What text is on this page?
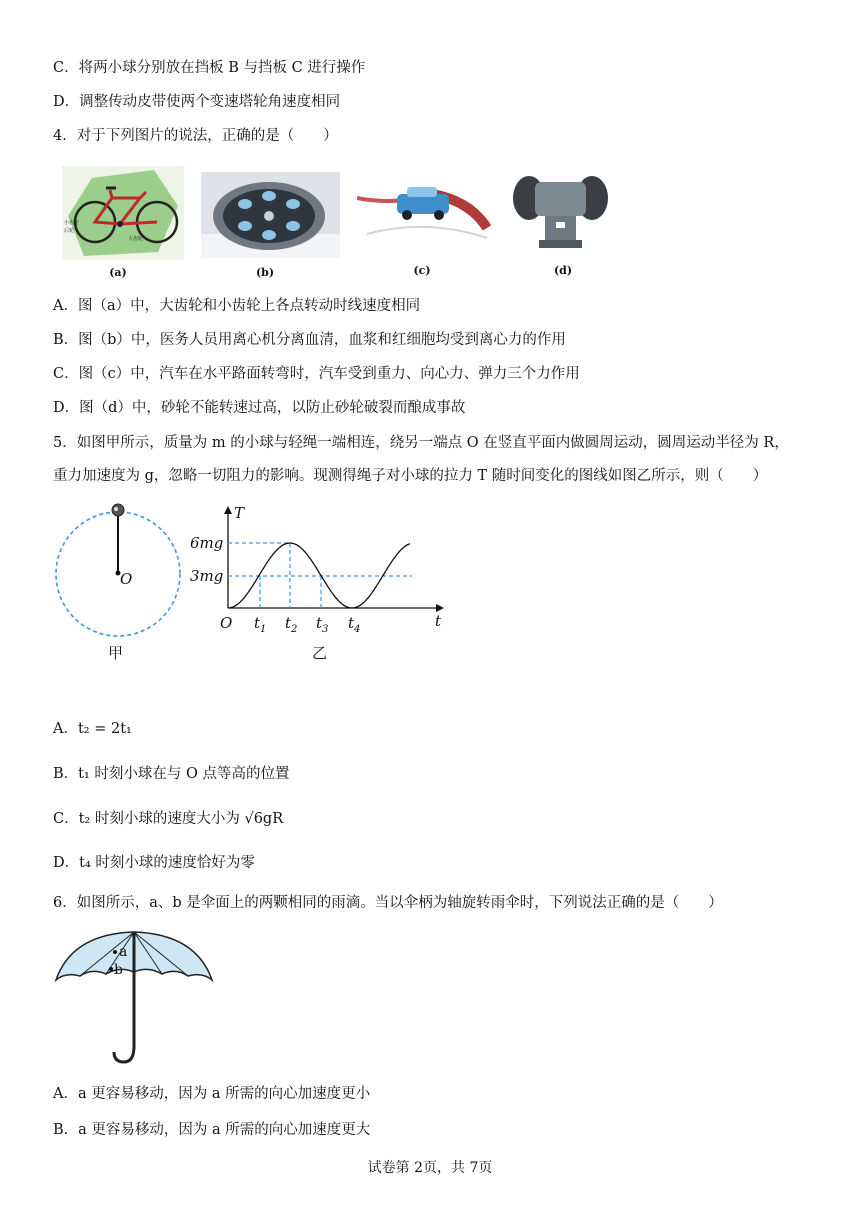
C．将两小球分别放在挡板 B 与挡板 C 进行操作
D．调整传动皮带使两个变速塔轮角速度相同
4．对于下列图片的说法，正确的是（　　）
小齿轮
后轮
大齿轮
(a)	(b)	(c)	(d)
A．图（a）中，大齿轮和小齿轮上各点转动时线速度相同
B．图（b）中，医务人员用离心机分离血清，血浆和红细胞均受到离心力的作用
C．图（c）中，汽车在水平路面转弯时，汽车受到重力、向心力、弹力三个力作用
D．图（d）中，砂轮不能转速过高，以防止砂轮破裂而酿成事故
5．如图甲所示，质量为 m 的小球与轻绳一端相连，绕另一端点 O 在竖直平面内做圆周运动，圆周运动半径为 R，
重力加速度为 g，忽略一切阻力的影响。现测得绳子对小球的拉力 T 随时间变化的图线如图乙所示，则（　　）
O
甲
T
t
O
6mg
3mg
$t_1$ $t_2$ $t_3$ $t_4$
乙
A．t₂ = 2t₁
B．t₁ 时刻小球在与 O 点等高的位置
C．t₂ 时刻小球的速度大小为 √6gR
D．t₄ 时刻小球的速度恰好为零
6．如图所示，a、b 是伞面上的两颗相同的雨滴。当以伞柄为轴旋转雨伞时，下列说法正确的是（　　）
a
b
A．a 更容易移动，因为 a 所需的向心加速度更小
B．a 更容易移动，因为 a 所需的向心加速度更大
试卷第 2页，共 7页
